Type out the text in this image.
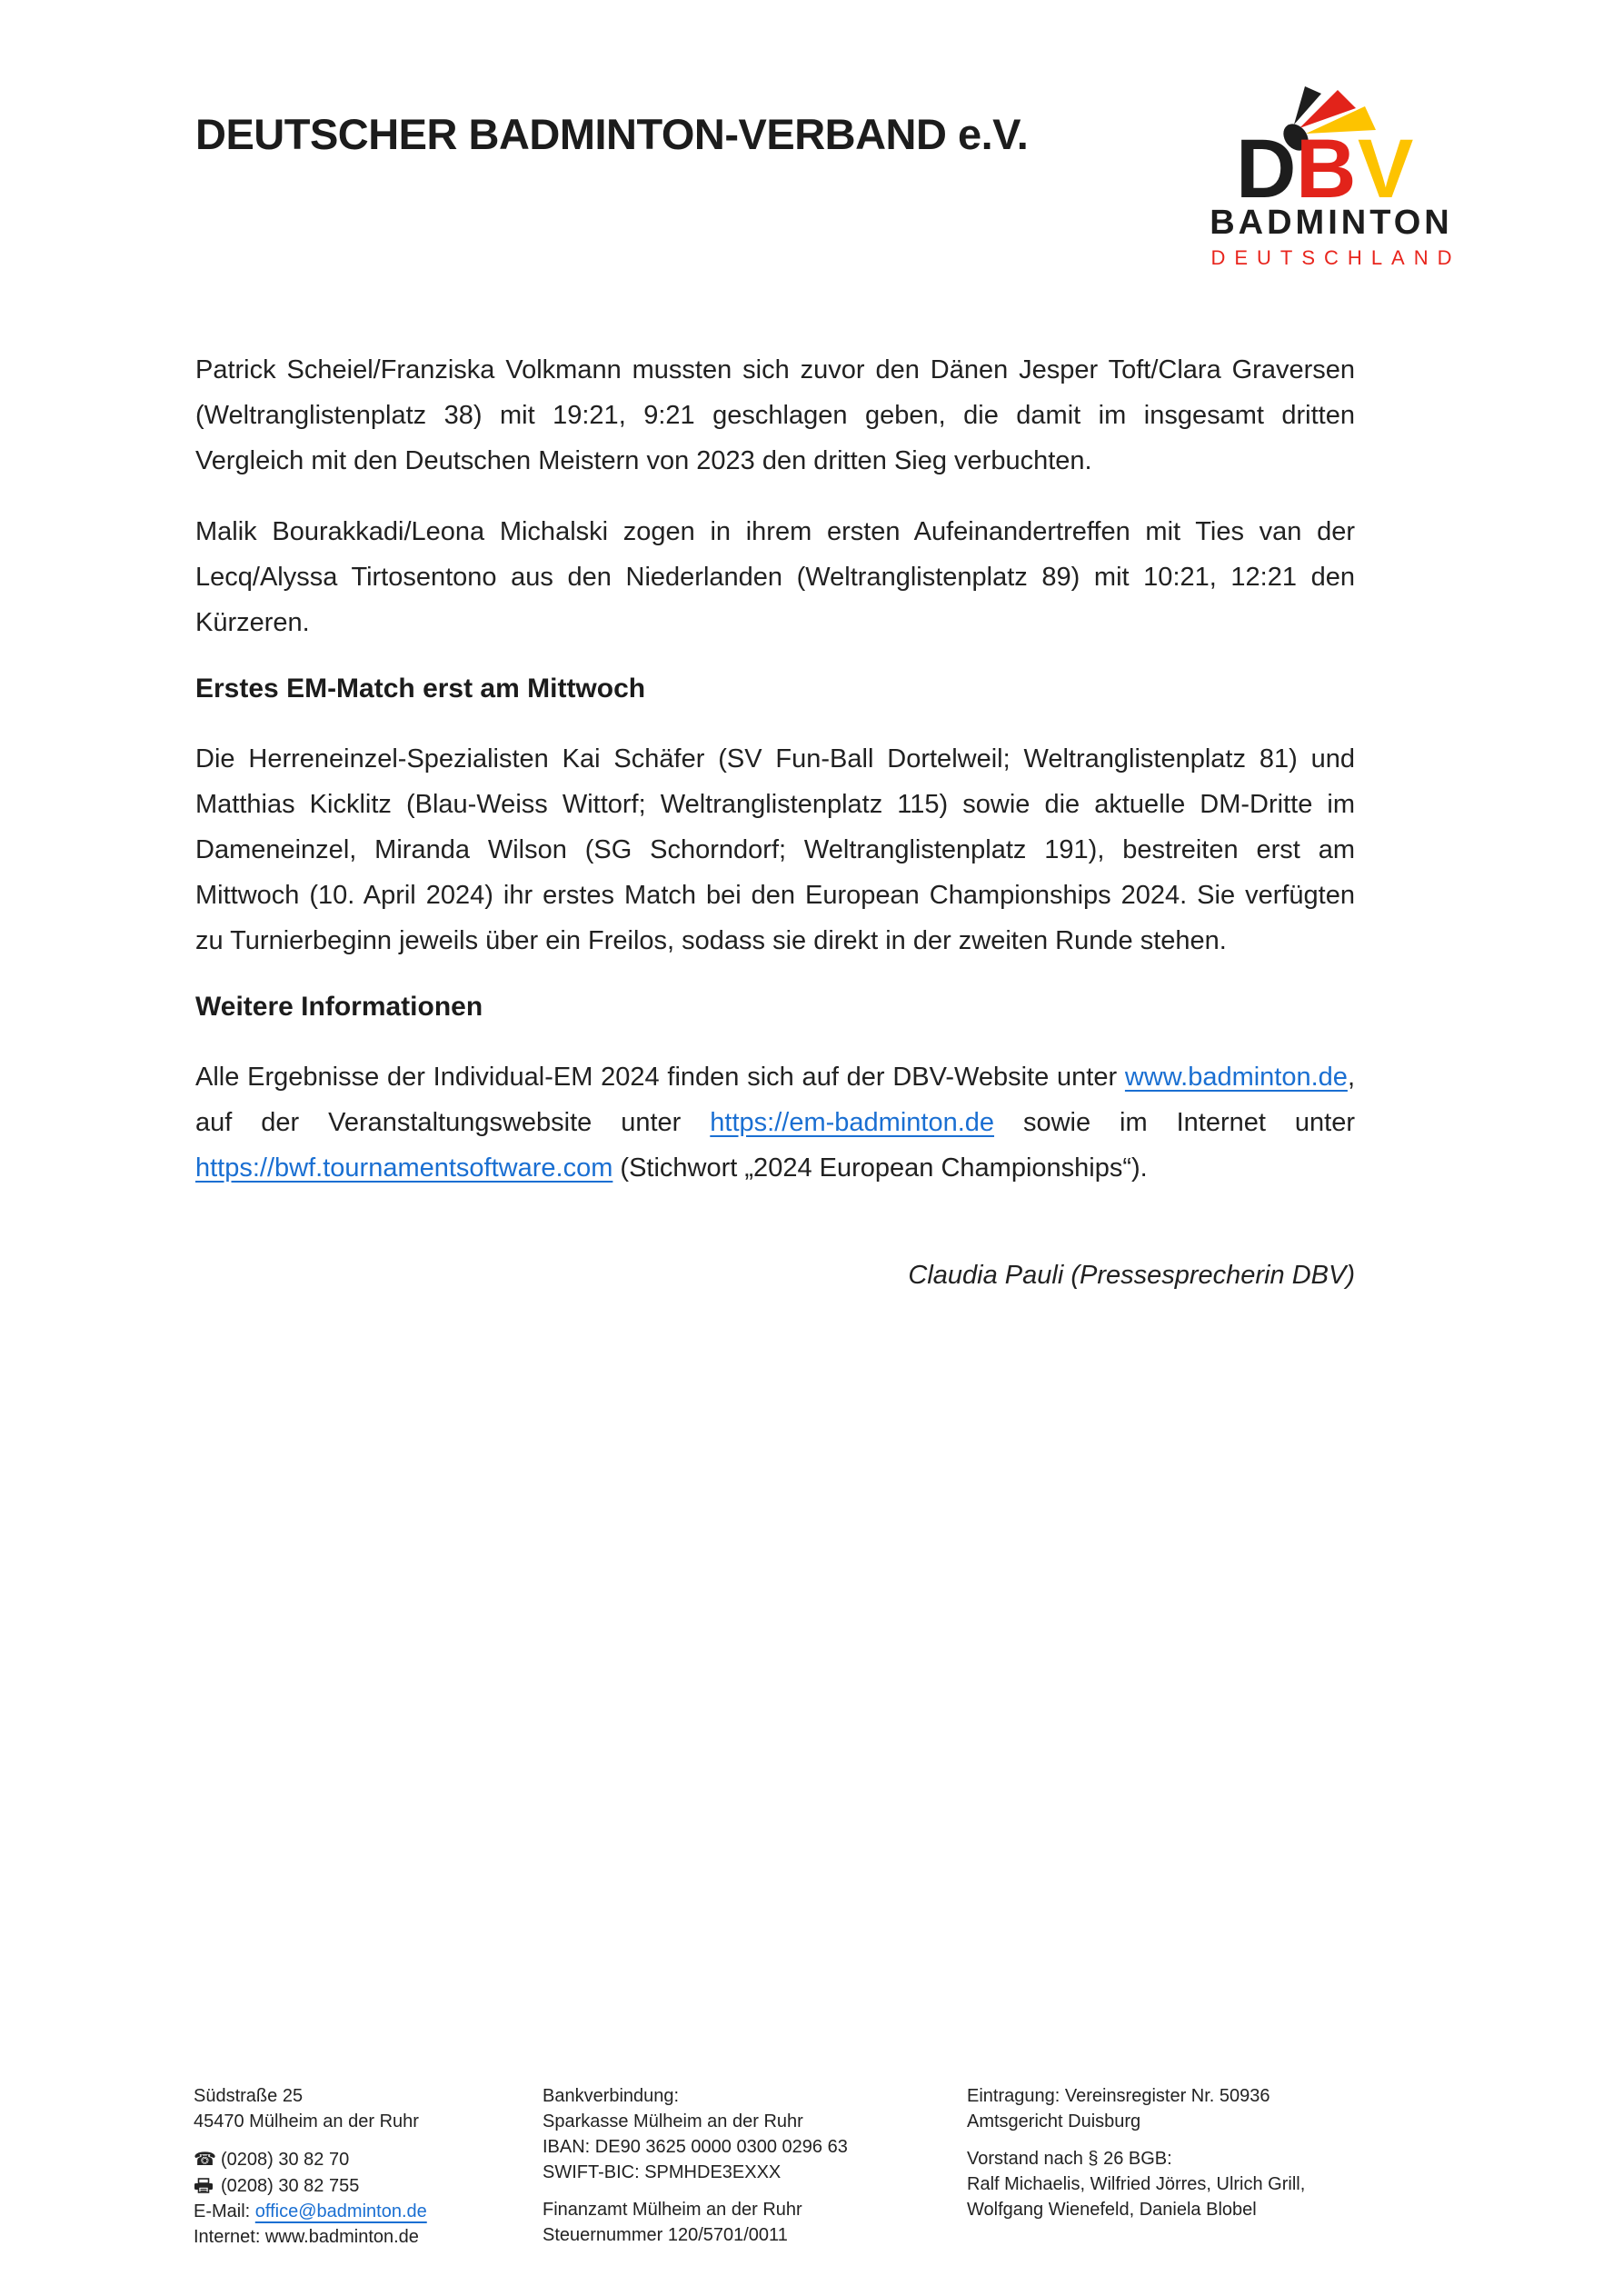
D B V
BADMINTON
DEUTSCHLAND
DEUTSCHER BADMINTON-VERBAND e.V.

Patrick Scheiel/Franziska Volkmann mussten sich zuvor den Dänen Jesper Toft/Clara Graversen (Weltranglistenplatz 38) mit 19:21, 9:21 geschlagen geben, die damit im insgesamt dritten Vergleich mit den Deutschen Meistern von 2023 den dritten Sieg verbuchten.

Malik Bourakkadi/Leona Michalski zogen in ihrem ersten Aufeinandertreffen mit Ties van der Lecq/Alyssa Tirtosentono aus den Niederlanden (Weltranglistenplatz 89) mit 10:21, 12:21 den Kürzeren.

Erstes EM-Match erst am Mittwoch

Die Herreneinzel-Spezialisten Kai Schäfer (SV Fun-Ball Dortelweil; Weltranglistenplatz 81) und Matthias Kicklitz (Blau-Weiss Wittorf; Weltranglistenplatz 115) sowie die aktuelle DM-Dritte im Dameneinzel, Miranda Wilson (SG Schorndorf; Weltranglistenplatz 191), bestreiten erst am Mittwoch (10. April 2024) ihr erstes Match bei den European Championships 2024. Sie verfügten zu Turnierbeginn jeweils über ein Freilos, sodass sie direkt in der zweiten Runde stehen.

Weitere Informationen

Alle Ergebnisse der Individual-EM 2024 finden sich auf der DBV-Website unter www.badminton.de, auf der Veranstaltungswebsite unter https://em-badminton.de sowie im Internet unter https://bwf.tournamentsoftware.com (Stichwort „2024 European Championships“).

Claudia Pauli (Pressesprecherin DBV)

Südstraße 25
45470 Mülheim an der Ruhr
☎ (0208) 30 82 70
(0208) 30 82 755
E-Mail: office@badminton.de
Internet: www.badminton.de
Bankverbindung:
Sparkasse Mülheim an der Ruhr
IBAN: DE90 3625 0000 0300 0296 63
SWIFT-BIC: SPMHDE3EXXX
Finanzamt Mülheim an der Ruhr
Steuernummer 120/5701/0011
Eintragung: Vereinsregister Nr. 50936
Amtsgericht Duisburg
Vorstand nach § 26 BGB:
Ralf Michaelis, Wilfried Jörres, Ulrich Grill,
Wolfgang Wienefeld, Daniela Blobel
